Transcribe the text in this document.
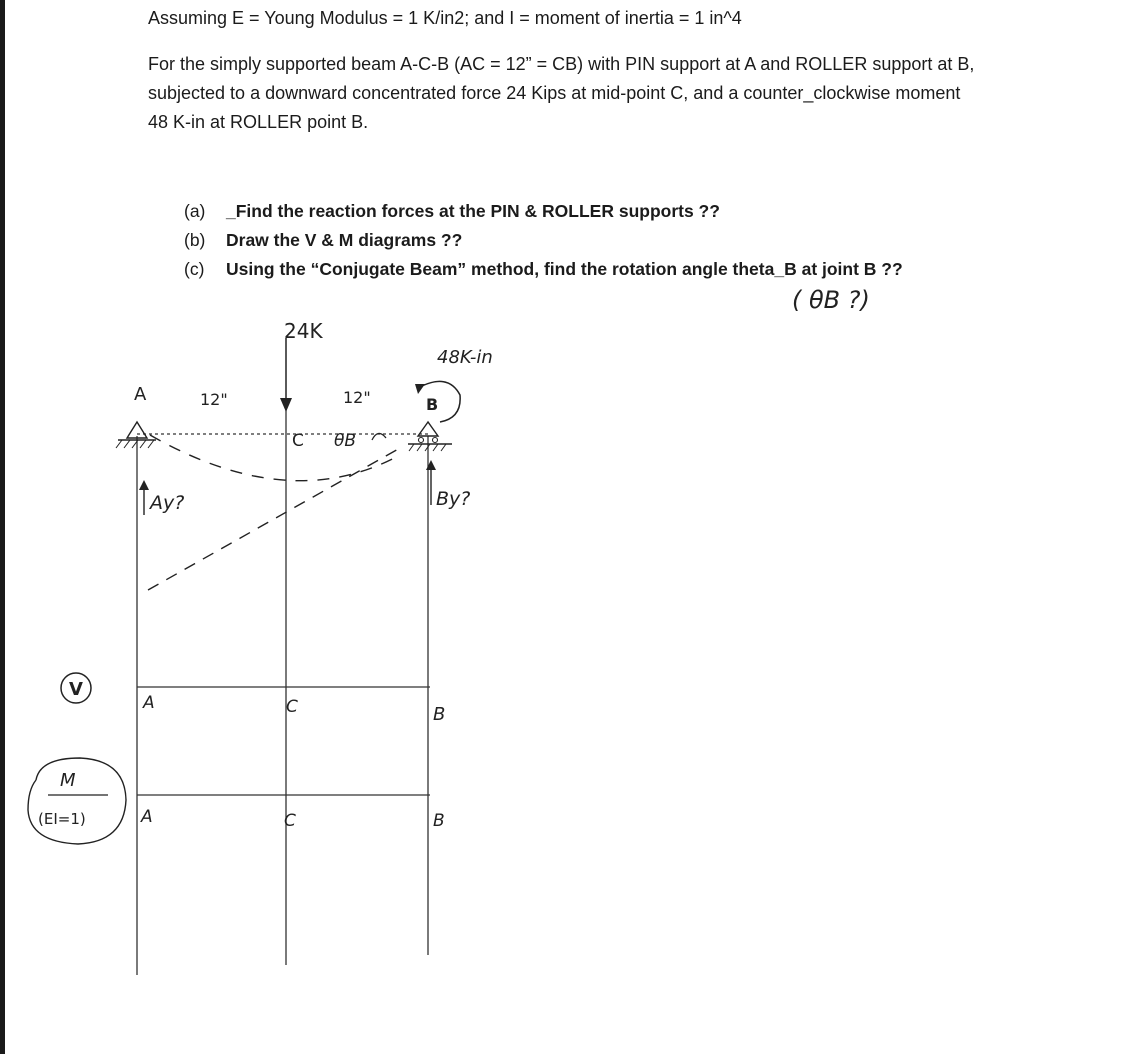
Assuming E = Young Modulus = 1 K/in2; and I = moment of inertia = 1 in^4
For the simply supported beam A-C-B (AC = 12” = CB) with PIN support at A and ROLLER support at B,
subjected to a downward concentrated force 24 Kips at mid-point C, and a counter_clockwise moment
48 K-in at ROLLER point B.
(a) _Find the reaction forces at the PIN & ROLLER supports ??
(b) Draw the V & M diagrams ??
(c) Using the “Conjugate Beam” method, find the rotation angle theta_B at joint B ??
( θB ?)
24K
48K-in
12"	12"
A
C
B
θB
Ay?	By?
V
A	C	B
M
(EI=1)	A	C	B
